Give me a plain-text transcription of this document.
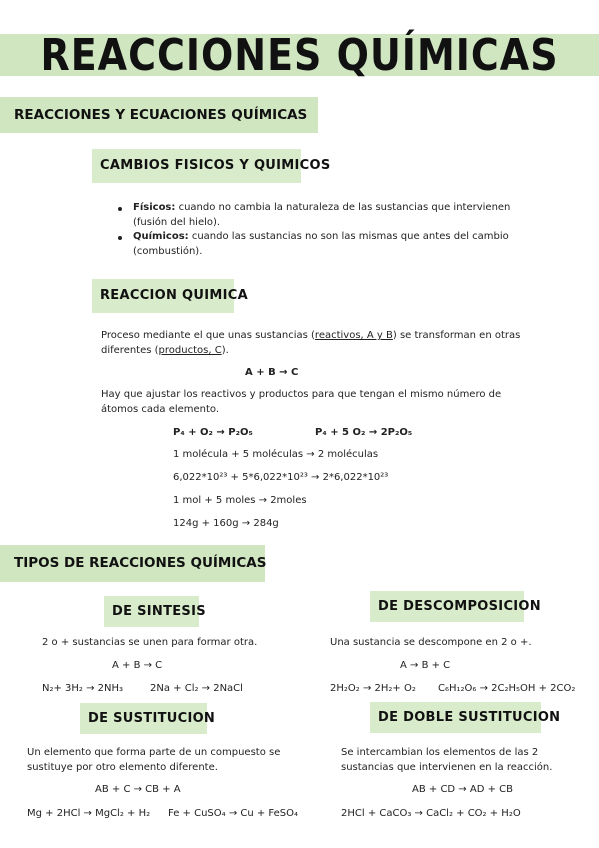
REACCIONES QUÍMICAS
REACCIONES Y ECUACIONES QUÍMICAS
CAMBIOS FISICOS Y QUIMICOS
Físicos: cuando no cambia la naturaleza de las sustancias que intervienen
(fusión del hielo).
Químicos: cuando las sustancias no son las mismas que antes del cambio
(combustión).
REACCION QUIMICA
Proceso mediante el que unas sustancias (reactivos, A y B) se transforman en otras
diferentes (productos, C).
A + B → C
Hay que ajustar los reactivos y productos para que tengan el mismo número de
átomos cada elemento.
P₄ + O₂ → P₂O₅	P₄ + 5 O₂ → 2P₂O₅
1 molécula + 5 moléculas → 2 moléculas
6,022*10²³ + 5*6,022*10²³ → 2*6,022*10²³
1 mol + 5 moles → 2moles
124g + 160g → 284g
TIPOS DE REACCIONES QUÍMICAS
DE SINTESIS
2 o + sustancias se unen para formar otra.
A + B → C
N₂+ 3H₂ → 2NH₃	2Na + Cl₂ → 2NaCl
DE DESCOMPOSICION
Una sustancia se descompone en 2 o +.
A → B + C
2H₂O₂ → 2H₂+ O₂ C₆H₁₂O₆ → 2C₂H₅OH + 2CO₂
DE SUSTITUCION
Un elemento que forma parte de un compuesto se
sustituye por otro elemento diferente.
AB + C → CB + A
Mg + 2HCl → MgCl₂ + H₂ Fe + CuSO₄ → Cu + FeSO₄
DE DOBLE SUSTITUCION
Se intercambian los elementos de las 2
sustancias que intervienen en la reacción.
AB + CD → AD + CB
2HCl + CaCO₃ → CaCl₂ + CO₂ + H₂O
